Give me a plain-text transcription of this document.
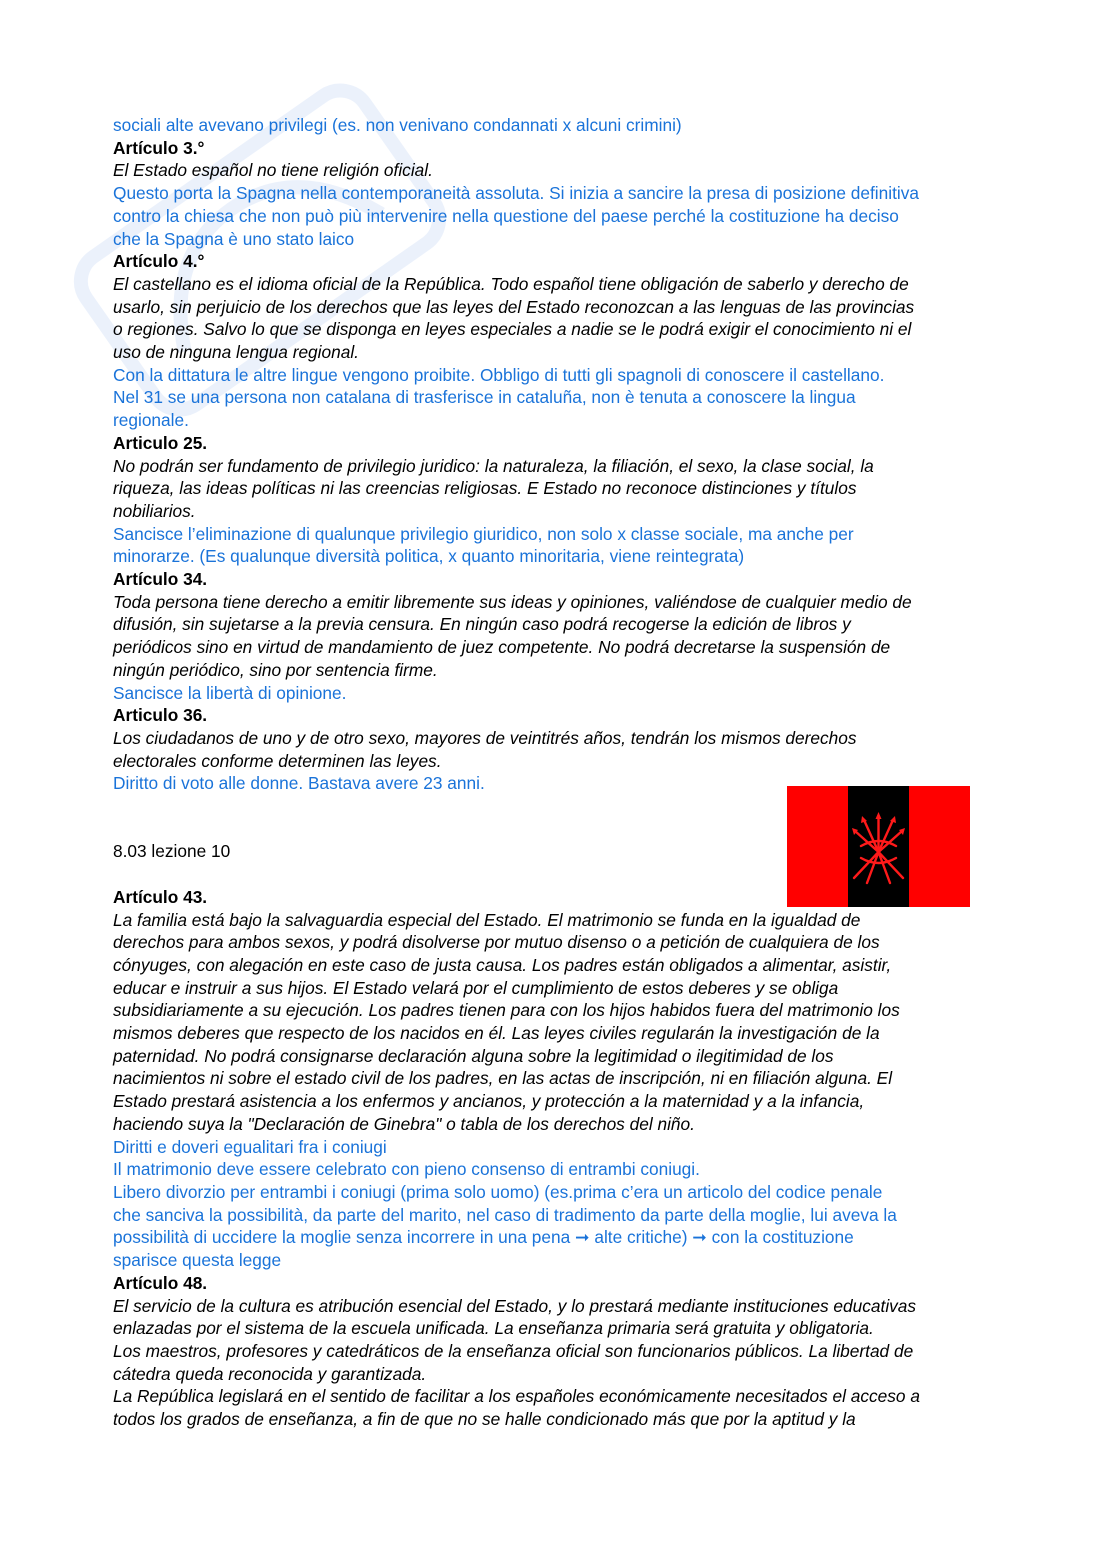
sociali alte avevano privilegi (es. non venivano condannati x alcuni crimini)

Artículo 3.°

El Estado español no tiene religión oficial.

Questo porta la Spagna nella contemporaneità assoluta. Si inizia a sancire la presa di posizione definitiva

contro la chiesa che non può più intervenire nella questione del paese perché la costituzione ha deciso

che la Spagna è uno stato laico

Artículo 4.°

El castellano es el idioma oficial de la República. Todo español tiene obligación de saberlo y derecho de

usarlo, sin perjuicio de los derechos que las leyes del Estado reconozcan a las lenguas de las provincias

o regiones. Salvo lo que se disponga en leyes especiales a nadie se le podrá exigir el conocimiento ni el

uso de ninguna lengua regional.

Con la dittatura le altre lingue vengono proibite. Obbligo di tutti gli spagnoli di conoscere il castellano.

Nel 31 se una persona non catalana di trasferisce in cataluña, non è tenuta a conoscere la lingua

regionale.

Articulo 25.

No podrán ser fundamento de privilegio juridico: la naturaleza, la filiación, el sexo, la clase social, la

riqueza, las ideas políticas ni las creencias religiosas. E Estado no reconoce distinciones y títulos

nobiliarios.

Sancisce l’eliminazione di qualunque privilegio giuridico, non solo x classe sociale, ma anche per

minorarze. (Es qualunque diversità politica, x quanto minoritaria, viene reintegrata)

Artículo 34.

Toda persona tiene derecho a emitir libremente sus ideas y opiniones, valiéndose de cualquier medio de

difusión, sin sujetarse a la previa censura. En ningún caso podrá recogerse la edición de libros y

periódicos sino en virtud de mandamiento de juez competente. No podrá decretarse la suspensión de

ningún periódico, sino por sentencia firme.

Sancisce la libertà di opinione.

Articulo 36.

Los ciudadanos de uno y de otro sexo, mayores de veintitrés años, tendrán los mismos derechos

electorales conforme determinen las leyes.

Diritto di voto alle donne. Bastava avere 23 anni.

8.03 lezione 10

Artículo 43.

La familia está bajo la salvaguardia especial del Estado. El matrimonio se funda en la igualdad de

derechos para ambos sexos, y podrá disolverse por mutuo disenso o a petición de cualquiera de los

cónyuges, con alegación en este caso de justa causa. Los padres están obligados a alimentar, asistir,

educar e instruir a sus hijos. El Estado velará por el cumplimiento de estos deberes y se obliga

subsidiariamente a su ejecución. Los padres tienen para con los hijos habidos fuera del matrimonio los

mismos deberes que respecto de los nacidos en él. Las leyes civiles regularán la investigación de la

paternidad. No podrá consignarse declaración alguna sobre la legitimidad o ilegitimidad de los

nacimientos ni sobre el estado civil de los padres, en las actas de inscripción, ni en filiación alguna. El

Estado prestará asistencia a los enfermos y ancianos, y protección a la maternidad y a la infancia,

haciendo suya la "Declaración de Ginebra" o tabla de los derechos del niño.

Diritti e doveri egualitari fra i coniugi

Il matrimonio deve essere celebrato con pieno consenso di entrambi coniugi.

Libero divorzio per entrambi i coniugi (prima solo uomo) (es.prima c’era un articolo del codice penale

che sanciva la possibilità, da parte del marito, nel caso di tradimento da parte della moglie, lui aveva la

possibilità di uccidere la moglie senza incorrere in una pena ➞ alte critiche) ➞ con la costituzione

sparisce questa legge

Artículo 48.

El servicio de la cultura es atribución esencial del Estado, y lo prestará mediante instituciones educativas

enlazadas por el sistema de la escuela unificada. La enseñanza primaria será gratuita y obligatoria.

Los maestros, profesores y catedráticos de la enseñanza oficial son funcionarios públicos. La libertad de

cátedra queda reconocida y garantizada.

La República legislará en el sentido de facilitar a los españoles económicamente necesitados el acceso a

todos los grados de enseñanza, a fin de que no se halle condicionado más que por la aptitud y la
